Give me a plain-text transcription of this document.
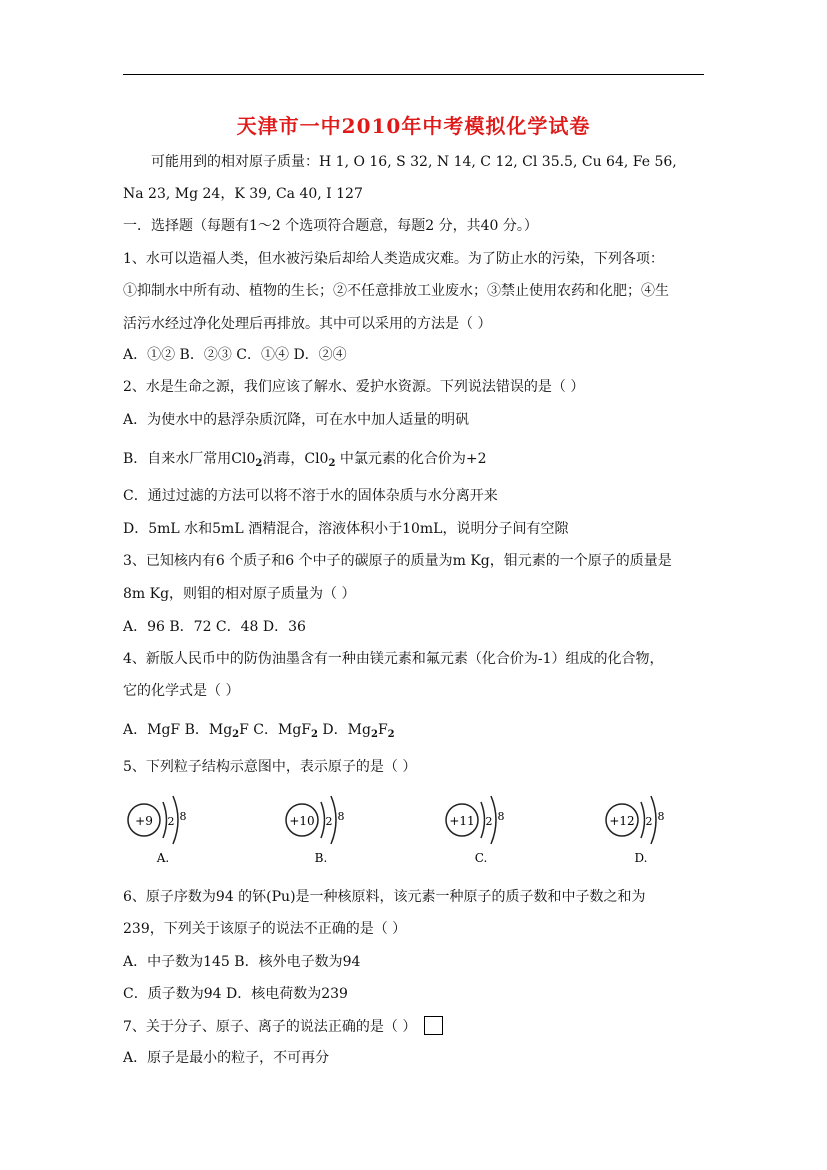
天津市一中2010年中考模拟化学试卷
可能用到的相对原子质量：H 1, O 16, S 32, N 14, C 12, Cl 35.5, Cu 64, Fe 56,
Na 23, Mg 24，K 39, Ca 40, I 127
一．选择题（每题有1～2 个选项符合题意，每题2 分，共40 分。）
1、水可以造福人类，但水被污染后却给人类造成灾难。为了防止水的污染，下列各项：
①抑制水中所有动、植物的生长；②不任意排放工业废水；③禁止使用农药和化肥；④生
活污水经过净化处理后再排放。其中可以采用的方法是（ ）
A．①② B．②③ C．①④ D．②④
2、水是生命之源，我们应该了解水、爱护水资源。下列说法错误的是（ ）
A．为使水中的悬浮杂质沉降，可在水中加人适量的明矾
B．自来水厂常用$Cl0_2$消毒，$Cl0_2$ 中氯元素的化合价为+2
C．通过过滤的方法可以将不溶于水的固体杂质与水分离开来
D．5mL 水和5mL 酒精混合，溶液体积小于10mL，说明分子间有空隙
3、已知核内有6 个质子和6 个中子的碳原子的质量为m Kg，钼元素的一个原子的质量是
8m Kg，则钼的相对原子质量为（ ）
A．96 B．72 C．48 D．36
4、新版人民币中的防伪油墨含有一种由镁元素和氟元素（化合价为-1）组成的化合物，
它的化学式是（ ）
A．MgF B．$Mg_2F$ C．MgF$_2$ D．$Mg_2F_2$
5、下列粒子结构示意图中，表示原子的是（ ）
+9 2 8
A.
+10 2 8
B.
+11 2 8
C.
+12 2 8
D.
6、原子序数为94 的钚(Pu)是一种核原料，该元素一种原子的质子数和中子数之和为
239，下列关于该原子的说法不正确的是（ ）
A．中子数为145 B．核外电子数为94
C．质子数为94 D．核电荷数为239
7、关于分子、原子、离子的说法正确的是（ ）
A．原子是最小的粒子，不可再分
